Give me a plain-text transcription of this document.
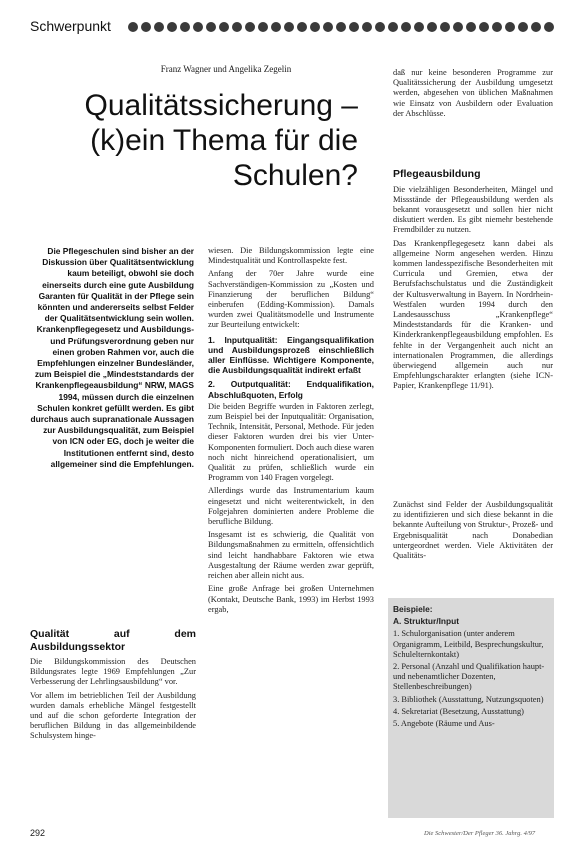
Schwerpunkt
Franz Wagner und Angelika Zegelin
Qualitätssicherung –
(k)ein Thema für die
Schulen?
Die Pflegeschulen sind bisher an der Diskussion über Qualitätsentwicklung kaum beteiligt, obwohl sie doch einerseits durch eine gute Ausbildung Garanten für Qualität in der Pflege sein könnten und andererseits selbst Felder der Qualitätsentwicklung sein wollen. Krankenpflegegesetz und Ausbildungs- und Prüfungsverordnung geben nur einen groben Rahmen vor, auch die Empfehlungen einzelner Bundesländer, zum Beispiel die „Mindeststandards der Krankenpflegeausbildung“ NRW, MAGS 1994, müssen durch die einzelnen Schulen konkret gefüllt werden. Es gibt durchaus auch supranationale Aussagen zur Ausbildungsqualität, zum Beispiel von ICN oder EG, doch je weiter die Institutionen entfernt sind, desto allgemeiner sind die Empfehlungen.
Qualität auf dem Ausbildungssektor

Die Bildungskommission des Deutschen Bildungsrates legte 1969 Empfehlungen „Zur Verbesserung der Lehrlingsausbildung“ vor.

Vor allem im betrieblichen Teil der Ausbildung wurden damals erhebliche Mängel festgestellt und auf die schon geforderte Integration der beruflichen Bildung in das allgemeinbildende Schulsystem hinge-

wiesen. Die Bildungskommission legte eine Mindestqualität und Kontrollaspekte fest.

Anfang der 70er Jahre wurde eine Sachverständigen-Kommission zu „Kosten und Finanzierung der beruflichen Bildung“ einberufen (Edding-Kommission). Damals wurden zwei Qualitätsmodelle und Instrumente zur Beurteilung entwickelt:

1. Inputqualität: Eingangsqualifikation und Ausbildungsprozeß einschließlich aller Einflüsse. Wichtigere Komponente, die Ausbildungsqualität indirekt erfaßt
2. Outputqualität: Endqualifikation, Abschlußquoten, Erfolg

Die beiden Begriffe wurden in Faktoren zerlegt, zum Beispiel bei der Inputqualität: Organisation, Technik, Intensität, Personal, Methode. Für jeden dieser Faktoren wurden drei bis vier Unter-Komponenten formuliert. Doch auch diese waren noch nicht hinreichend operationalisiert, um Qualität zu prüfen, schließlich wurde ein Programm von 140 Fragen vorgelegt.

Allerdings wurde das Instrumentarium kaum eingesetzt und nicht weiterentwickelt, in den Folgejahren dominierten andere Probleme die berufliche Bildung.

Insgesamt ist es schwierig, die Qualität von Bildungsmaßnahmen zu ermitteln, offensichtlich sind leicht handhabbare Faktoren wie etwa Ausgestaltung der Räume werden zwar geprüft, reichen aber allein nicht aus.

Eine große Anfrage bei großen Unternehmen (Kontakt, Deutsche Bank, 1993) im Herbst 1993 ergab,

daß nur keine besonderen Programme zur Qualitätssicherung der Ausbildung umgesetzt werden, abgesehen von üblichen Maßnahmen wie Einsatz von Ausbildern oder Evaluation der Abschlüsse.

Pflegeausbildung

Die vielzähligen Besonderheiten, Mängel und Missstände der Pflegeausbildung werden als bekannt vorausgesetzt und sollen hier nicht diskutiert werden. Es gibt niemehr bestehende Fremdbilder zu nutzen.

Das Krankenpflegegesetz kann dabei als allgemeine Norm angesehen werden. Hinzu kommen landesspezifische Besonderheiten mit Curricula und Gremien, etwa der Berufsfachschulstatus und die Zuständigkeit der Kultusverwaltung in Bayern. In Nordrhein-Westfalen wurden 1994 durch den Landesausschuss „Krankenpflege“ Mindeststandards für die Kranken- und Kinderkrankenpflegeausbildung empfohlen. Es fehlte in der Vergangenheit auch nicht an internationalen Programmen, die allerdings überwiegend allgemein auch nur Empfehlungscharakter erlangten (siehe ICN-Papier, Krankenpflege 11/91).

Zunächst sind Felder der Ausbildungsqualität zu identifizieren und sich diese bekannt in die bekannte Aufteilung von Struktur-, Prozeß- und Ergebnisqualität nach Donabedian untergeordnet werden. Viele Aktivitäten der Qualitäts-

Beispiele:
A. Struktur/Input
1. Schulorganisation (unter anderem Organigramm, Leitbild, Besprechungskultur, Schulelternkontakt)
2. Personal (Anzahl und Qualifikation haupt- und nebenamtlicher Dozenten, Stellenbeschreibungen)
3. Bibliothek (Ausstattung, Nutzungsquoten)
4. Sekretariat (Besetzung, Ausstattung)
5. Angebote (Räume und Aus-
292	Die Schwester/Der Pfleger 36. Jahrg. 4/97
